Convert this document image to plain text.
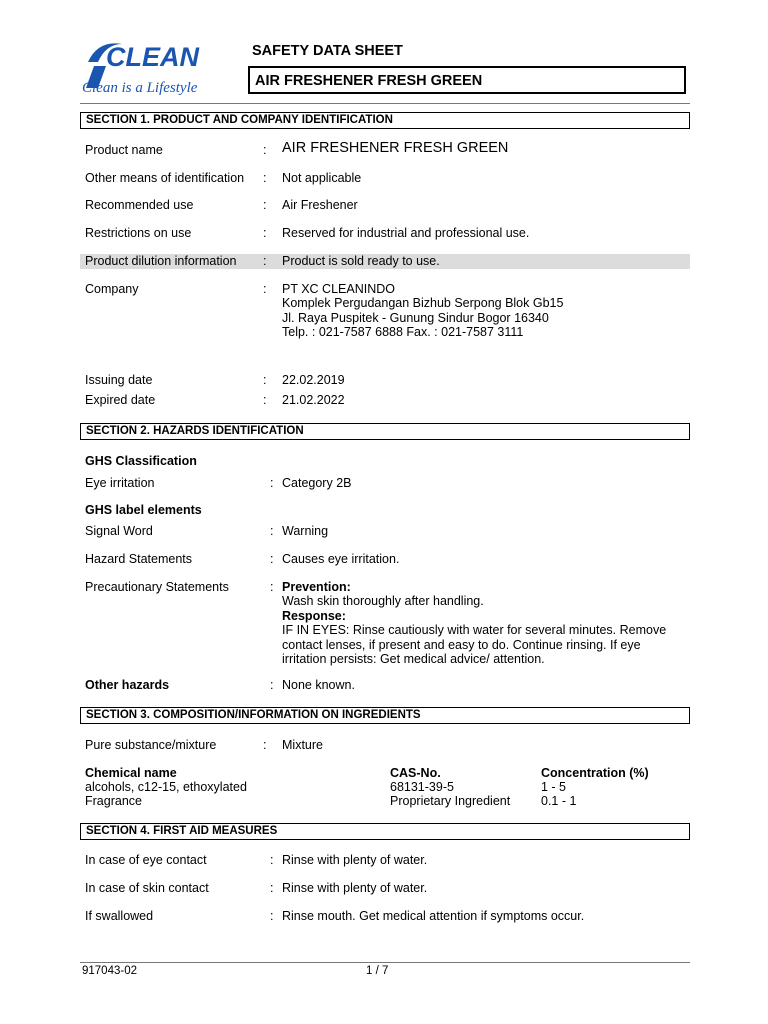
CLEAN
Clean is a Lifestyle
SAFETY DATA SHEET
AIR FRESHENER FRESH GREEN
SECTION 1. PRODUCT AND COMPANY IDENTIFICATION
Product name	: AIR FRESHENER FRESH GREEN
Other means of identification : Not applicable
Recommended use	: Air Freshener
Restrictions on use	: Reserved for industrial and professional use.
Product dilution information : Product is sold ready to use.
Company	: PT XC CLEANINDO
Komplek Pergudangan Bizhub Serpong Blok Gb15
Jl. Raya Puspitek - Gunung Sindur Bogor 16340
Telp. : 021-7587 6888 Fax. : 021-7587 3111
Issuing date	: 22.02.2019
Expired date	: 21.02.2022
SECTION 2. HAZARDS IDENTIFICATION
GHS Classification
Eye irritation	: Category 2B
GHS label elements
Signal Word	: Warning
Hazard Statements	: Causes eye irritation.
Precautionary Statements	: Prevention:
Wash skin thoroughly after handling.
Response:
IF IN EYES: Rinse cautiously with water for several minutes. Remove
contact lenses, if present and easy to do. Continue rinsing. If eye
irritation persists: Get medical advice/ attention.
Other hazards	: None known.
SECTION 3. COMPOSITION/INFORMATION ON INGREDIENTS
Pure substance/mixture	: Mixture
Chemical name	CAS-No.	Concentration (%)
alcohols, c12-15, ethoxylated	68131-39-5	1 - 5
Fragrance	Proprietary Ingredient 0.1 - 1
SECTION 4. FIRST AID MEASURES
In case of eye contact	: Rinse with plenty of water.
In case of skin contact	: Rinse with plenty of water.
If swallowed	: Rinse mouth. Get medical attention if symptoms occur.
917043-02	1 / 7
